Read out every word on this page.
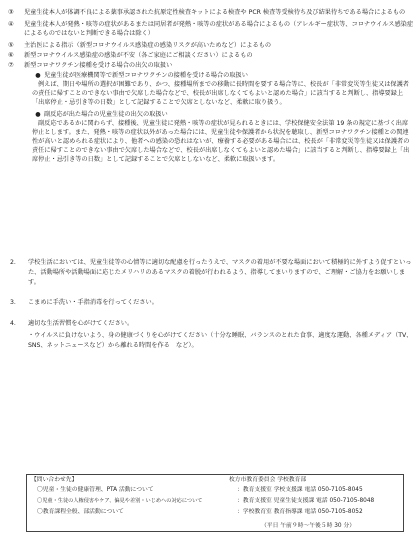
③	児童生徒本人が体調不良による薬事承認された抗原定性検査キットによる検査や PCR 検査等受検待ち及び結果待ちである場合によるもの
④	児童生徒本人が発熱・咳等の症状があるまたは同居者が発熱・咳等の症状がある場合によるもの（アレルギー症状等、コロナウイルス感染症によるものではないと判断できる場合は除く）
⑤	主治医による指示（新型コロナウイルス感染症の感染リスクが高いためなど）によるもの
⑥	新型コロナウイルス感染症の感染が不安（各ご家庭にご相談ください）によるもの
⑦	新型コロナワクチン接種を受ける場合の出欠の取扱い
● 児童生徒が医療機関等で新型コロナワクチンの接種を受ける場合の取扱い
例えば、期日や場所の選択が困難であり、かつ、接種場所までの移動に長時間を要する場合等に、校長が「非常変災等生徒又は保護者の責任に帰すことのできない事由で欠席した場合などで、校長が出席しなくてもよいと認めた場合」に該当すると判断し、指導要録上「出席停止・忌引き等の日数」として記録することで欠席としないなど、柔軟に取り扱う。
● 副反応が出た場合の児童生徒の出欠の取扱い
副反応であるかに関わらず、接種後、児童生徒に発熱・咳等の症状が見られるときには、学校保健安全法第 19 条の規定に基づく出席停止とします。また、発熱・咳等の症状以外があった場合には、児童生徒や保護者から状況を聴取し、新型コロナワクチン接種との関連性が高いと認められる症状により、他者への感染の恐れはないが、療養する必要がある場合には、校長が「非常変災等生徒又は保護者の責任に帰すことのできない事由で欠席した場合などで、校長が出席しなくてもよいと認めた場合」に該当すると判断し、指導要録上「出席停止・忌引き等の日数」として記録することで欠席としないなど、柔軟に取扱います。
2.	学校生活においては、児童生徒等の心情等に適切な配慮を行ったうえで、マスクの着用が不要な場面において積極的に外すよう促すといった、活動場所や活動場面に応じたメリハリのあるマスクの着脱が行われるよう、指導してまいりますので、ご理解・ご協力をお願いします。
3.	こまめに手洗い・手指消毒を行ってください。
4.	適切な生活習慣を心がけてください。
・ウイルスに負けないよう、身の健康づくりを心がけてください（十分な睡眠、バランスのとれた食事、適度な運動、各種メディア（TV、SNS、ネットニュースなど）から離れる時間を作る　など）。
【問い合わせ先】	枚方市教育委員会 学校教育部
〇児童・生徒の健康管理、PTA 活動について	：教育支援室 学校支援課 電話 050-7105-8045
〇児童・生徒の人権侵害やケア、偏見や差別・いじめへの対応について	：教育支援室 児童生徒支援課 電話 050-7105-8048
〇教育課程全般、部活動について	：学校教育室 教育指導課 電話 050-7105-8052
（平日 午前９時～午後５時 30 分）
